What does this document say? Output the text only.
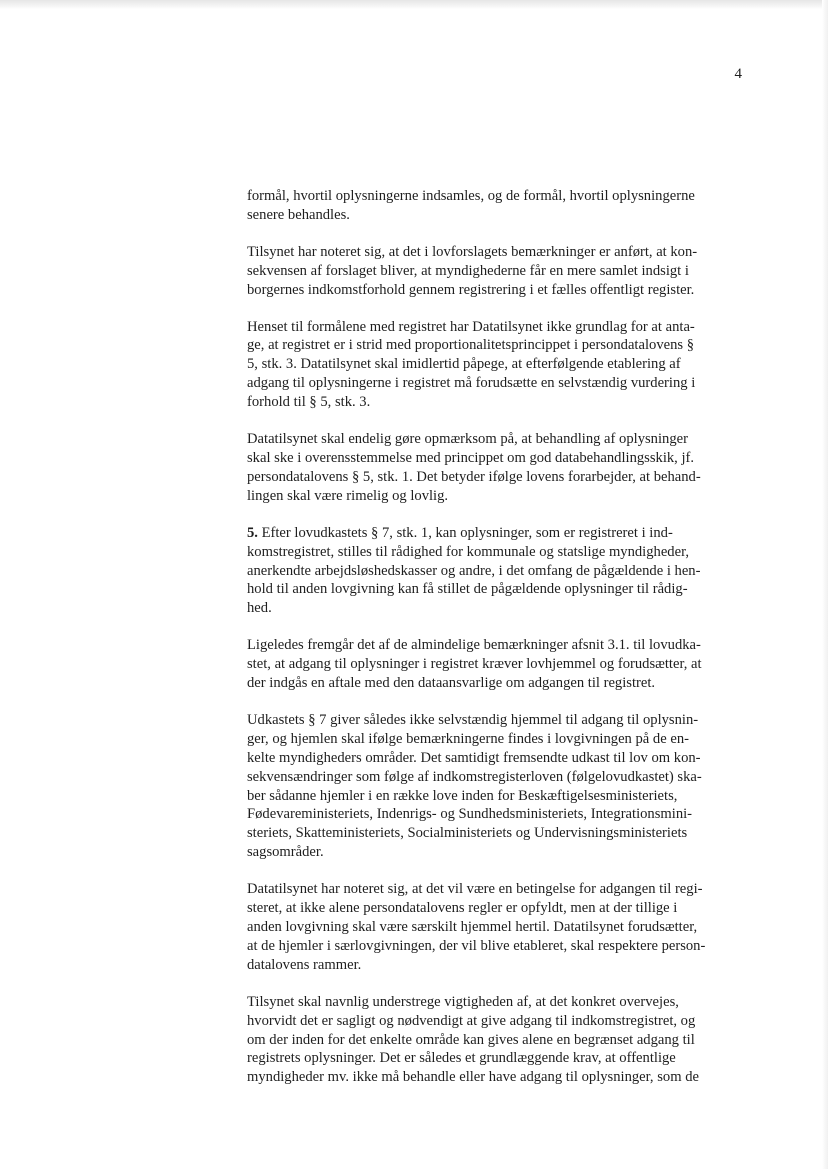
4

formål, hvortil oplysningerne indsamles, og de formål, hvortil oplysningerne
senere behandles.

Tilsynet har noteret sig, at det i lovforslagets bemærkninger er anført, at kon-
sekvensen af forslaget bliver, at myndighederne får en mere samlet indsigt i
borgernes indkomstforhold gennem registrering i et fælles offentligt register.

Henset til formålene med registret har Datatilsynet ikke grundlag for at anta-
ge, at registret er i strid med proportionalitetsprincippet i persondatalovens §
5, stk. 3. Datatilsynet skal imidlertid påpege, at efterfølgende etablering af
adgang til oplysningerne i registret må forudsætte en selvstændig vurdering i
forhold til § 5, stk. 3.

Datatilsynet skal endelig gøre opmærksom på, at behandling af oplysninger
skal ske i overensstemmelse med princippet om god databehandlingsskik, jf.
persondatalovens § 5, stk. 1. Det betyder ifølge lovens forarbejder, at behand-
lingen skal være rimelig og lovlig.

5. Efter lovudkastets § 7, stk. 1, kan oplysninger, som er registreret i ind-
komstregistret, stilles til rådighed for kommunale og statslige myndigheder,
anerkendte arbejdsløshedskasser og andre, i det omfang de pågældende i hen-
hold til anden lovgivning kan få stillet de pågældende oplysninger til rådig-
hed.

Ligeledes fremgår det af de almindelige bemærkninger afsnit 3.1. til lovudka-
stet, at adgang til oplysninger i registret kræver lovhjemmel og forudsætter, at
der indgås en aftale med den dataansvarlige om adgangen til registret.

Udkastets § 7 giver således ikke selvstændig hjemmel til adgang til oplysnin-
ger, og hjemlen skal ifølge bemærkningerne findes i lovgivningen på de en-
kelte myndigheders områder. Det samtidigt fremsendte udkast til lov om kon-
sekvensændringer som følge af indkomstregisterloven (følgelovudkastet) ska-
ber sådanne hjemler i en række love inden for Beskæftigelsesministeriets,
Fødevareministeriets, Indenrigs- og Sundhedsministeriets, Integrationsmini-
steriets, Skatteministeriets, Socialministeriets og Undervisningsministeriets
sagsområder.

Datatilsynet har noteret sig, at det vil være en betingelse for adgangen til regi-
steret, at ikke alene persondatalovens regler er opfyldt, men at der tillige i
anden lovgivning skal være særskilt hjemmel hertil. Datatilsynet forudsætter,
at de hjemler i særlovgivningen, der vil blive etableret, skal respektere person-
datalovens rammer.

Tilsynet skal navnlig understrege vigtigheden af, at det konkret overvejes,
hvorvidt det er sagligt og nødvendigt at give adgang til indkomstregistret, og
om der inden for det enkelte område kan gives alene en begrænset adgang til
registrets oplysninger. Det er således et grundlæggende krav, at offentlige
myndigheder mv. ikke må behandle eller have adgang til oplysninger, som de
